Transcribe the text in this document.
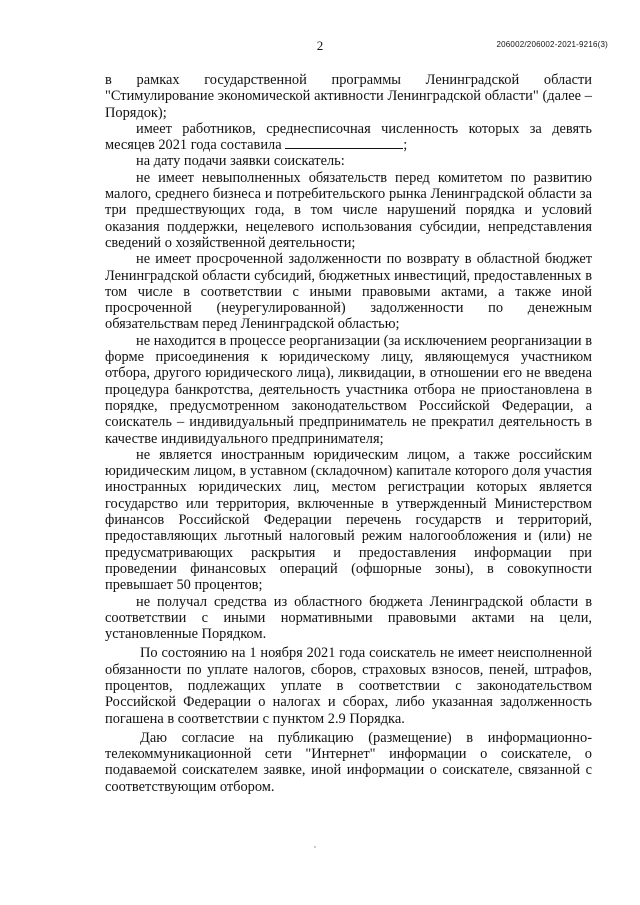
2	206002/206002-2021-9216(3)

в рамках государственной программы Ленинградской области "Стимулирование экономической активности Ленинградской области" (далее – Порядок);

имеет работников, среднесписочная численность которых за девять месяцев 2021 года составила	;

на дату подачи заявки соискатель:

не имеет невыполненных обязательств перед комитетом по развитию малого, среднего бизнеса и потребительского рынка Ленинградской области за три предшествующих года, в том числе нарушений порядка и условий оказания поддержки, нецелевого использования субсидии, непредставления сведений о хозяйственной деятельности;

не имеет просроченной задолженности по возврату в областной бюджет Ленинградской области субсидий, бюджетных инвестиций, предоставленных в том числе в соответствии с иными правовыми актами, а также иной просроченной (неурегулированной) задолженности по денежным обязательствам перед Ленинградской областью;

не находится в процессе реорганизации (за исключением реорганизации в форме присоединения к юридическому лицу, являющемуся участником отбора, другого юридического лица), ликвидации, в отношении его не введена процедура банкротства, деятельность участника отбора не приостановлена в порядке, предусмотренном законодательством Российской Федерации, а соискатель – индивидуальный предприниматель не прекратил деятельность в качестве индивидуального предпринимателя;

не является иностранным юридическим лицом, а также российским юридическим лицом, в уставном (складочном) капитале которого доля участия иностранных юридических лиц, местом регистрации которых является государство или территория, включенные в утвержденный Министерством финансов Российской Федерации перечень государств и территорий, предоставляющих льготный налоговый режим налогообложения и (или) не предусматривающих раскрытия и предоставления информации при проведении финансовых операций (офшорные зоны), в совокупности превышает 50 процентов;

не получал средства из областного бюджета Ленинградской области в соответствии с иными нормативными правовыми актами на цели, установленные Порядком.

По состоянию на 1 ноября 2021 года соискатель не имеет неисполненной обязанности по уплате налогов, сборов, страховых взносов, пеней, штрафов, процентов, подлежащих уплате в соответствии с законодательством Российской Федерации о налогах и сборах, либо указанная задолженность погашена в соответствии с пунктом 2.9 Порядка.

Даю согласие на публикацию (размещение) в информационно-телекоммуникационной сети "Интернет" информации о соискателе, о подаваемой соискателем заявке, иной информации о соискателе, связанной с соответствующим отбором.
